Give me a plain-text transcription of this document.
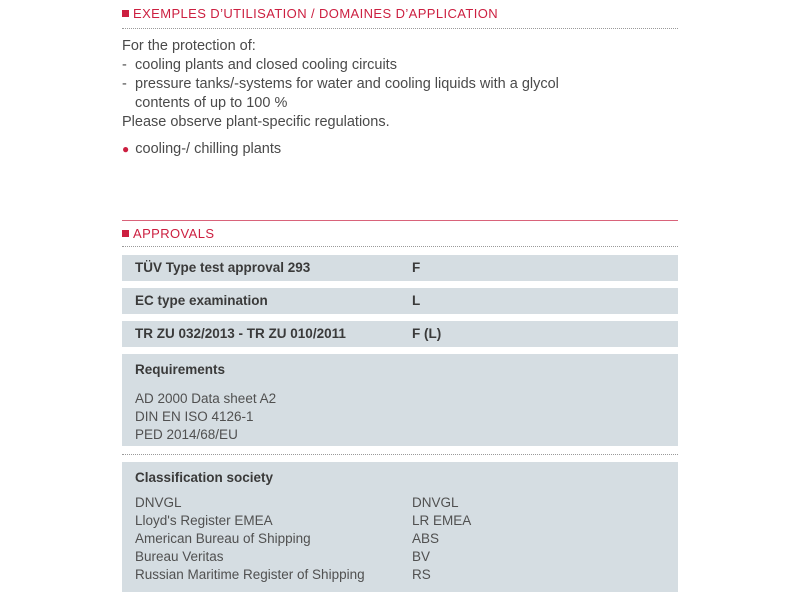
EXEMPLES D’UTILISATION / DOMAINES D’APPLICATION
For the protection of:
- cooling plants and closed cooling circuits
- pressure tanks/-systems for water and cooling liquids with a glycol
contents of up to 100 %
Please observe plant-specific regulations.
● cooling-/ chilling plants
APPROVALS
TÜV Type test approval 293	F
EC type examination	L
TR ZU 032/2013 - TR ZU 010/2011	F (L)
Requirements
AD 2000 Data sheet A2
DIN EN ISO 4126-1
PED 2014/68/EU
Classification society
DNVGL	DNVGL
Lloyd's Register EMEA	LR EMEA
American Bureau of Shipping	ABS
Bureau Veritas	BV
Russian Maritime Register of Shipping	RS
